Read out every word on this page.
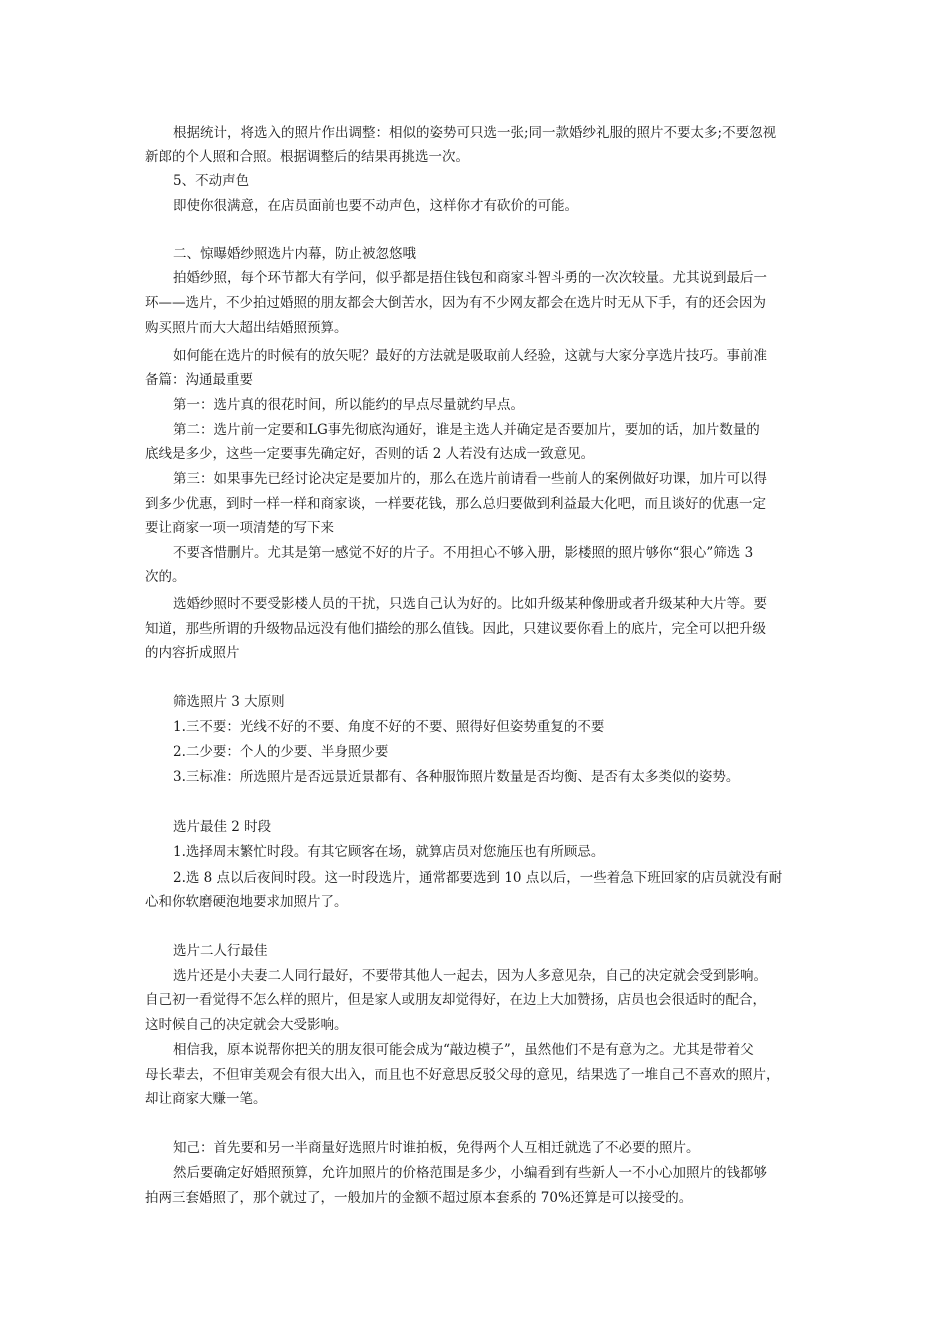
根据统计，将选入的照片作出调整：相似的姿势可只选一张;同一款婚纱礼服的照片不要太多;不要忽视
新郎的个人照和合照。根据调整后的结果再挑选一次。
5、不动声色
即使你很满意，在店员面前也要不动声色，这样你才有砍价的可能。
二、惊曝婚纱照选片内幕，防止被忽悠哦
拍婚纱照，每个环节都大有学问，似乎都是捂住钱包和商家斗智斗勇的一次次较量。尤其说到最后一
环——选片，不少拍过婚照的朋友都会大倒苦水，因为有不少网友都会在选片时无从下手，有的还会因为
购买照片而大大超出结婚照预算。
如何能在选片的时候有的放矢呢？最好的方法就是吸取前人经验，这就与大家分享选片技巧。事前准
备篇：沟通最重要
第一：选片真的很花时间，所以能约的早点尽量就约早点。
第二：选片前一定要和LG事先彻底沟通好，谁是主选人并确定是否要加片，要加的话，加片数量的
底线是多少，这些一定要事先确定好，否则的话 2 人若没有达成一致意见。
第三：如果事先已经讨论决定是要加片的，那么在选片前请看一些前人的案例做好功课，加片可以得
到多少优惠，到时一样一样和商家谈，一样要花钱，那么总归要做到利益最大化吧，而且谈好的优惠一定
要让商家一项一项清楚的写下来
不要吝惜删片。尤其是第一感觉不好的片子。不用担心不够入册，影楼照的照片够你“狠心”筛选 3
次的。
选婚纱照时不要受影楼人员的干扰，只选自己认为好的。比如升级某种像册或者升级某种大片等。要
知道，那些所谓的升级物品远没有他们描绘的那么值钱。因此，只建议要你看上的底片，完全可以把升级
的内容折成照片
筛选照片 3 大原则
1.三不要：光线不好的不要、角度不好的不要、照得好但姿势重复的不要
2.二少要：个人的少要、半身照少要
3.三标准：所选照片是否远景近景都有、各种服饰照片数量是否均衡、是否有太多类似的姿势。
选片最佳 2 时段
1.选择周末繁忙时段。有其它顾客在场，就算店员对您施压也有所顾忌。
2.选 8 点以后夜间时段。这一时段选片，通常都要选到 10 点以后，一些着急下班回家的店员就没有耐
心和你软磨硬泡地要求加照片了。
选片二人行最佳
选片还是小夫妻二人同行最好，不要带其他人一起去，因为人多意见杂，自己的决定就会受到影响。
自己初一看觉得不怎么样的照片，但是家人或朋友却觉得好，在边上大加赞扬，店员也会很适时的配合，
这时候自己的决定就会大受影响。
相信我，原本说帮你把关的朋友很可能会成为“敲边模子”，虽然他们不是有意为之。尤其是带着父
母长辈去，不但审美观会有很大出入，而且也不好意思反驳父母的意见，结果选了一堆自己不喜欢的照片，
却让商家大赚一笔。
知己：首先要和另一半商量好选照片时谁拍板，免得两个人互相迁就选了不必要的照片。
然后要确定好婚照预算，允许加照片的价格范围是多少，小编看到有些新人一不小心加照片的钱都够
拍两三套婚照了，那个就过了，一般加片的金额不超过原本套系的 70%还算是可以接受的。
